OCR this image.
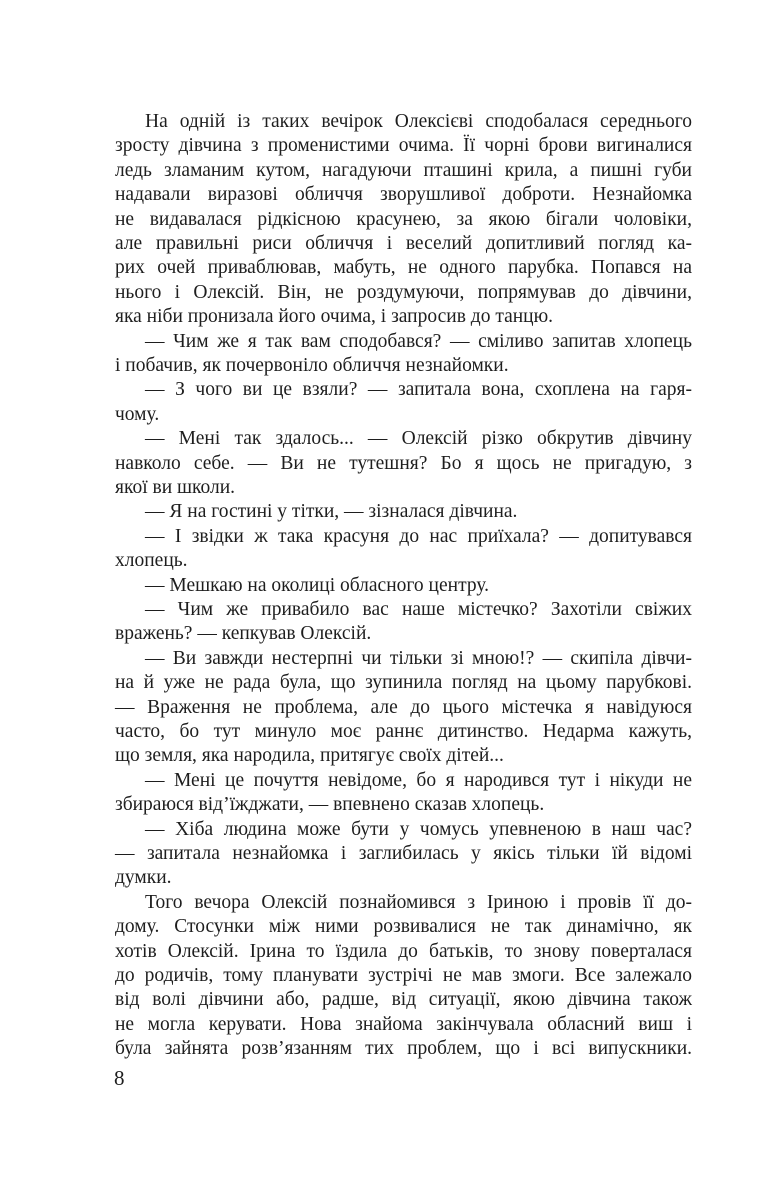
На одній із таких вечірок Олексієві сподобалася середнього
зросту дівчина з променистими очима. Її чорні брови вигиналися
ледь зламаним кутом, нагадуючи пташині крила, а пишні губи
надавали виразові обличчя зворушливої доброти. Незнайомка
не видавалася рідкісною красунею, за якою бігали чоловіки,
але правильні риси обличчя і веселий допитливий погляд ка-
рих очей приваблював, мабуть, не одного парубка. Попався на
нього і Олексій. Він, не роздумуючи, попрямував до дівчини,
яка ніби пронизала його очима, і запросив до танцю.
— Чим же я так вам сподобався? — сміливо запитав хлопець
і побачив, як почервоніло обличчя незнайомки.
— З чого ви це взяли? — запитала вона, схоплена на гаря-
чому.
— Мені так здалось... — Олексій різко обкрутив дівчину
навколо себе. — Ви не тутешня? Бо я щось не пригадую, з
якої ви школи.
— Я на гостині у тітки, — зізналася дівчина.
— І звідки ж така красуня до нас приїхала? — допитувався
хлопець.
— Мешкаю на околиці обласного центру.
— Чим же привабило вас наше містечко? Захотіли свіжих
вражень? — кепкував Олексій.
— Ви завжди нестерпні чи тільки зі мною!? — скипіла дівчи-
на й уже не рада була, що зупинила погляд на цьому парубкові.
— Враження не проблема, але до цього містечка я навідуюся
часто, бо тут минуло моє раннє дитинство. Недарма кажуть,
що земля, яка народила, притягує своїх дітей...
— Мені це почуття невідоме, бо я народився тут і нікуди не
збираюся від’їжджати, — впевнено сказав хлопець.
— Хіба людина може бути у чомусь упевненою в наш час?
— запитала незнайомка і заглибилась у якісь тільки їй відомі
думки.
Того вечора Олексій познайомився з Іриною і провів її до-
дому. Стосунки між ними розвивалися не так динамічно, як
хотів Олексій. Ірина то їздила до батьків, то знову поверталася
до родичів, тому планувати зустрічі не мав змоги. Все залежало
від волі дівчини або, радше, від ситуації, якою дівчина також
не могла керувати. Нова знайома закінчувала обласний виш і
була зайнята розв’язанням тих проблем, що і всі випускники.
8
